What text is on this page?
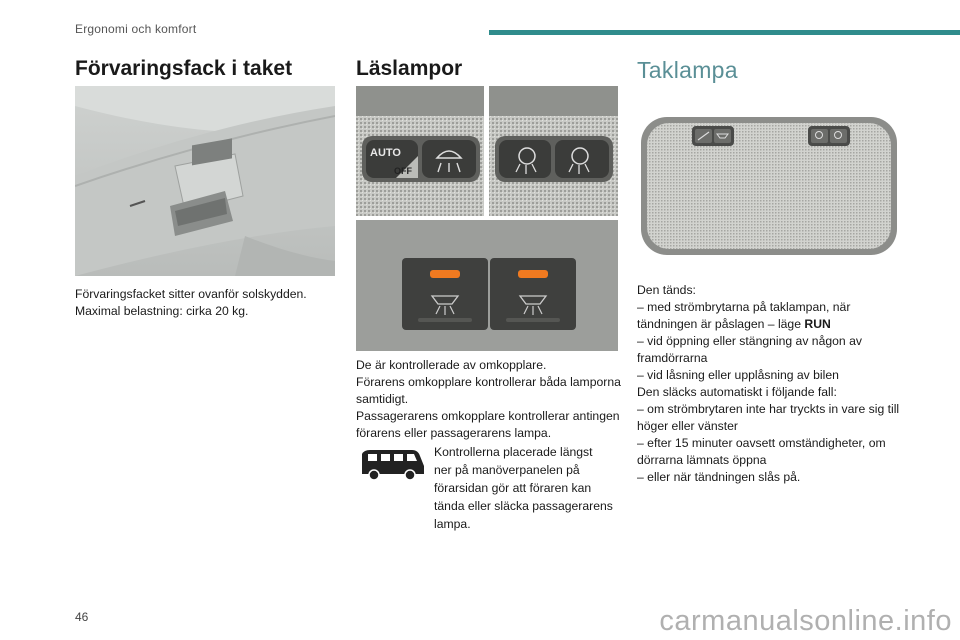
Ergonomi och komfort
Förvaringsfack i taket

Förvaringsfacket sitter ovanför solskydden.

Maximal belastning: cirka 20 kg.

Läslampor
AUTO
OFF

De är kontrollerade av omkopplare.

Förarens omkopplare kontrollerar båda lamporna

samtidigt.

Passagerarens omkopplare kontrollerar antingen

förarens eller passagerarens lampa.

Kontrollerna placerade längst

ner på manöverpanelen på

förarsidan gör att föraren kan

tända eller släcka passagerarens

lampa.

Taklampa

Den tänds:

– med strömbrytarna på taklampan, när

tändningen är påslagen – läge RUN

– vid öppning eller stängning av någon av

framdörrarna

– vid låsning eller upplåsning av bilen

Den släcks automatiskt i följande fall:

– om strömbrytaren inte har tryckts in vare sig till

höger eller vänster

– efter 15 minuter oavsett omständigheter, om

dörrarna lämnats öppna

– eller när tändningen slås på.

46	carmanualsonline.info
